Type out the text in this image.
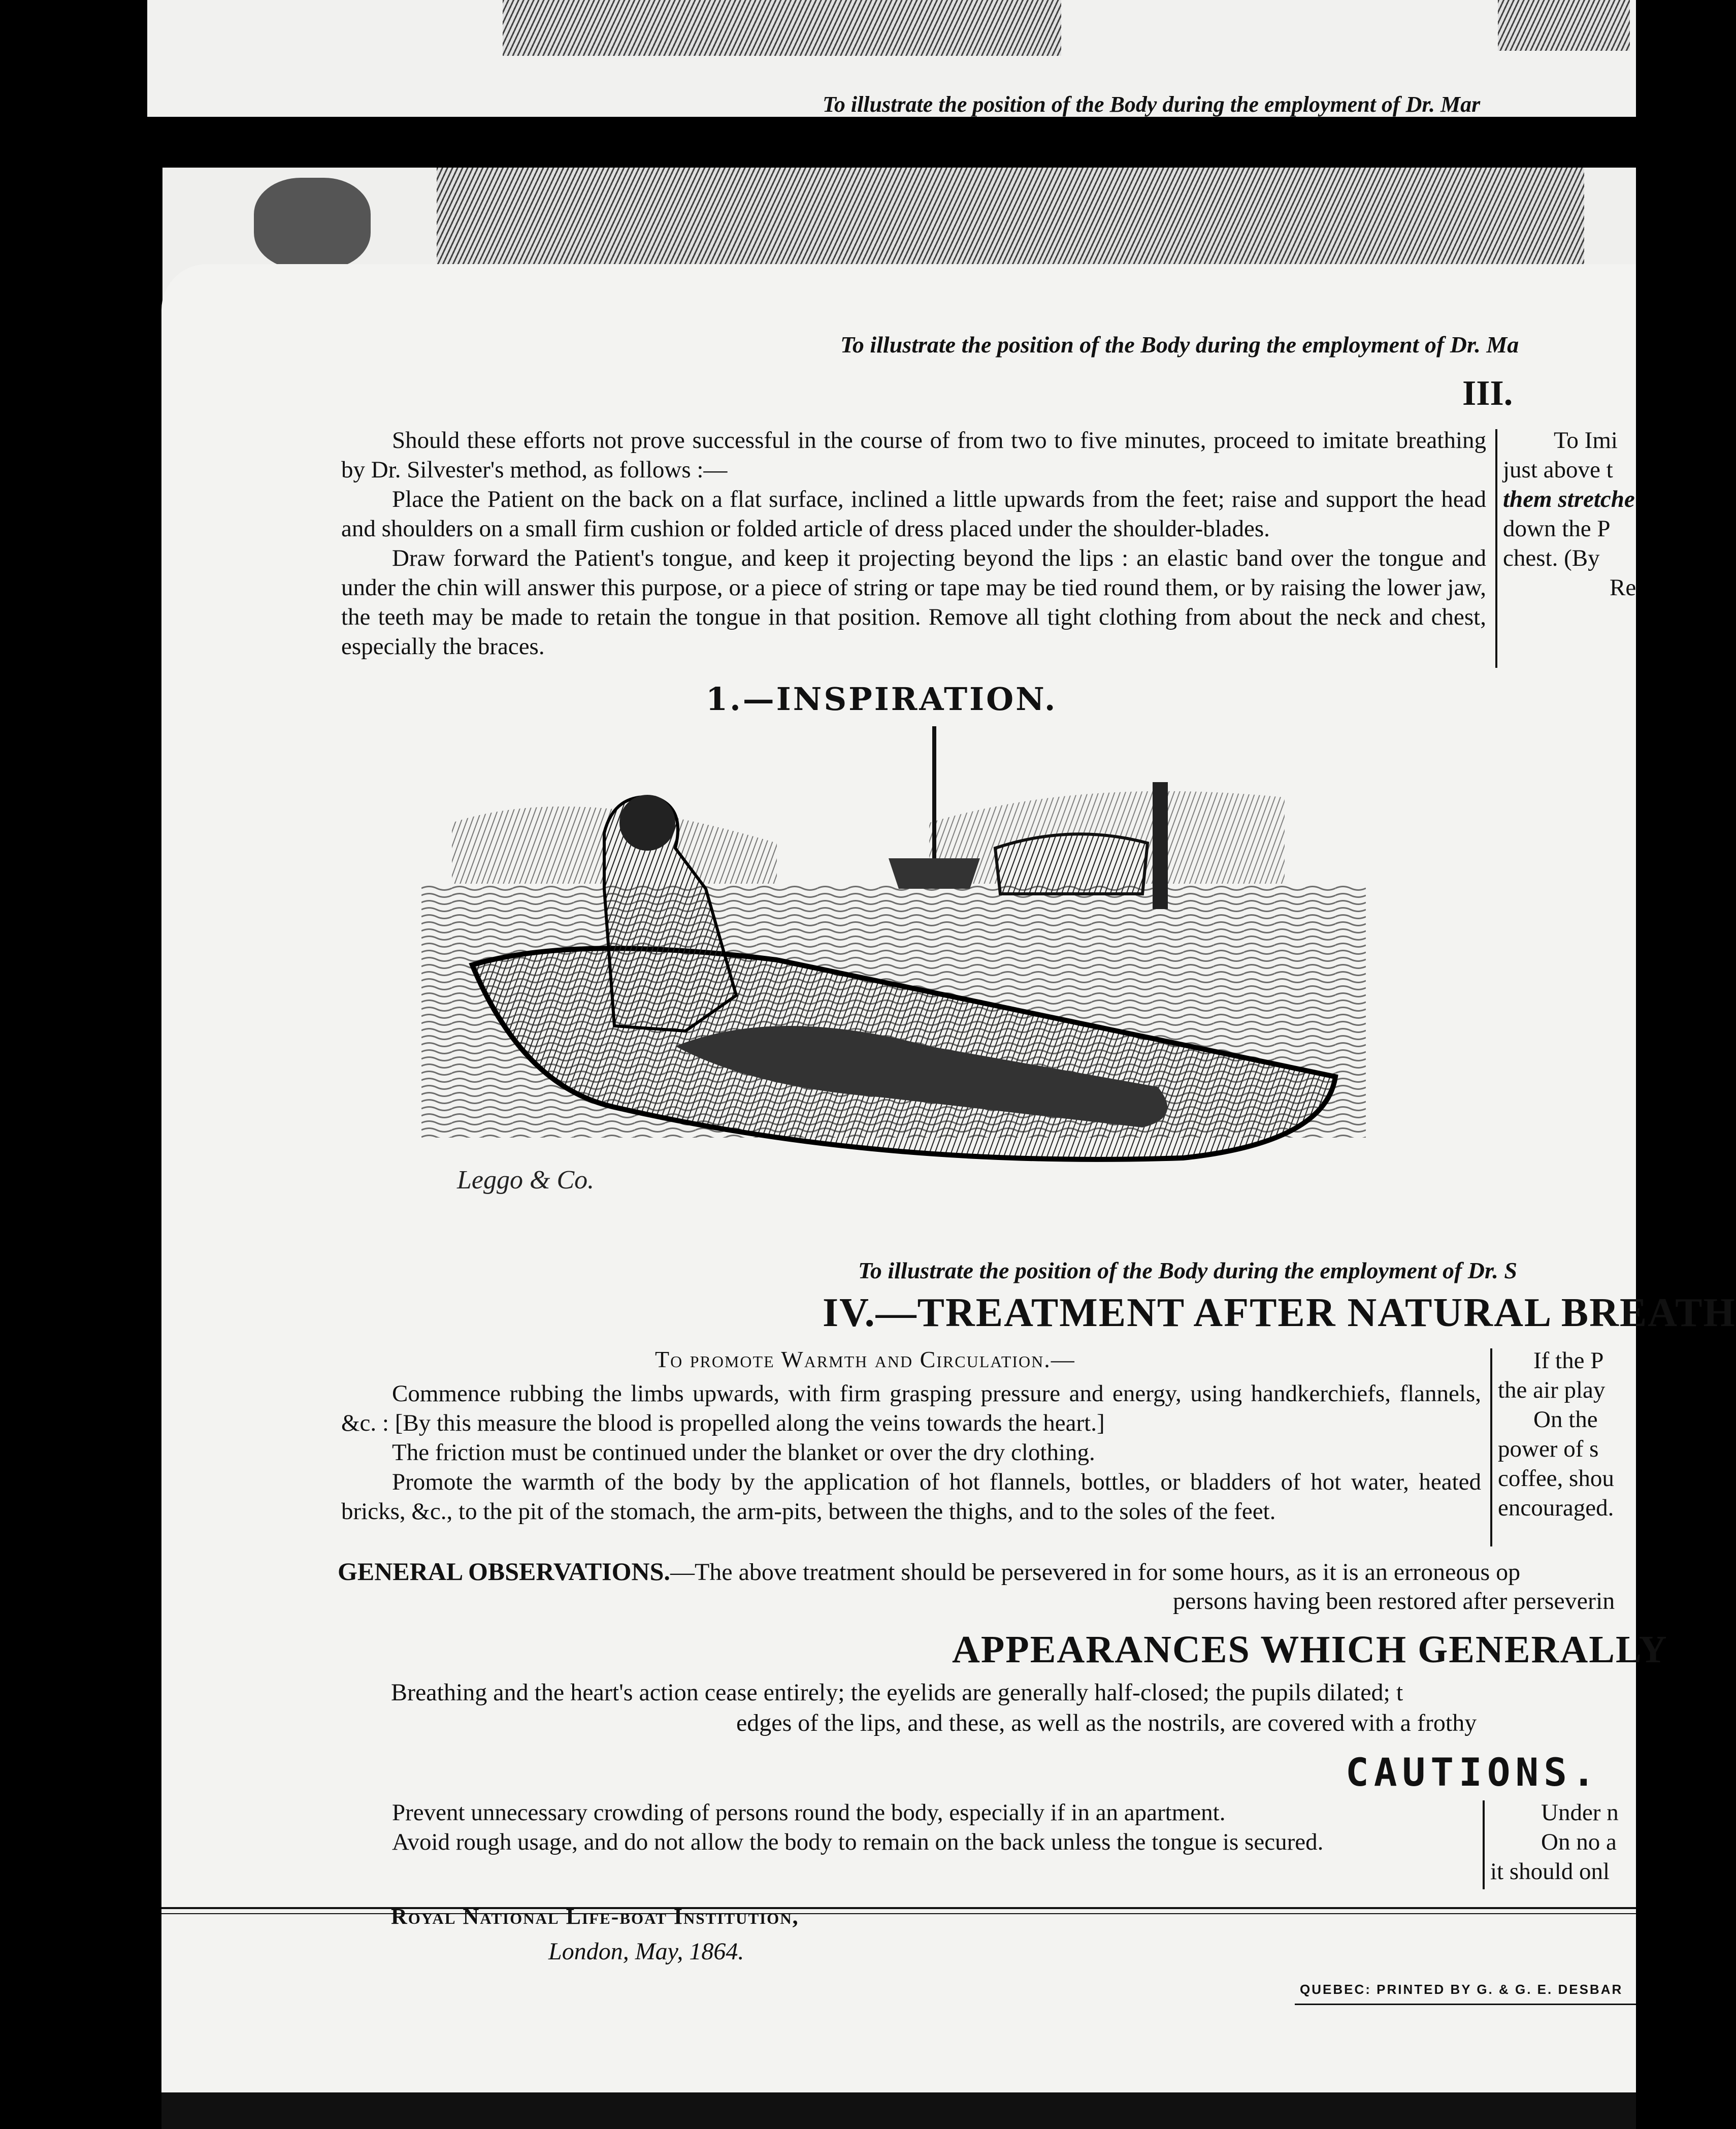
To illustrate the position of the Body during the employment of Dr. Mar
To illustrate the position of the Body during the employment of Dr. Ma
III.

Should these efforts not prove successful in the course of from two to five minutes, proceed to imitate breathing by Dr. Silvester's method, as follows :—

Place the Patient on the back on a flat surface, inclined a little upwards from the feet; raise and support the head and shoulders on a small firm cushion or folded article of dress placed under the shoulder-blades.

Draw forward the Patient's tongue, and keep it projecting beyond the lips : an elastic band over the tongue and under the chin will answer this purpose, or a piece of string or tape may be tied round them, or by raising the lower jaw, the teeth may be made to retain the tongue in that position. Remove all tight clothing from about the neck and chest, especially the braces.

To Imi
just above t
them stretche
down the P
chest. (By
Re
1.—INSPIRATION.
Leggo & Co.
To illustrate the position of the Body during the employment of Dr. S
IV.—TREATMENT AFTER NATURAL BREATH
To promote Warmth and Circulation.—

Commence rubbing the limbs upwards, with firm grasping pressure and energy, using handkerchiefs, flannels, &c. : [By this measure the blood is propelled along the veins towards the heart.]

The friction must be continued under the blanket or over the dry clothing.

Promote the warmth of the body by the application of hot flannels, bottles, or bladders of hot water, heated bricks, &c., to the pit of the stomach, the arm-pits, between the thighs, and to the soles of the feet.

If the P
the air play
On the
power of s
coffee, shou
encouraged.
GENERAL OBSERVATIONS.—The above treatment should be persevered in for some hours, as it is an erroneous op
persons having been restored after perseverin
APPEARANCES WHICH GENERALLY
Breathing and the heart's action cease entirely; the eyelids are generally half-closed; the pupils dilated; t
edges of the lips, and these, as well as the nostrils, are covered with a frothy
CAUTIONS.

Prevent unnecessary crowding of persons round the body, especially if in an apartment.

Avoid rough usage, and do not allow the body to remain on the back unless the tongue is secured.

Under n
On no a
it should onl
Royal National Life-boat Institution,
London, May, 1864.
QUEBEC: PRINTED BY G. & G. E. DESBAR
